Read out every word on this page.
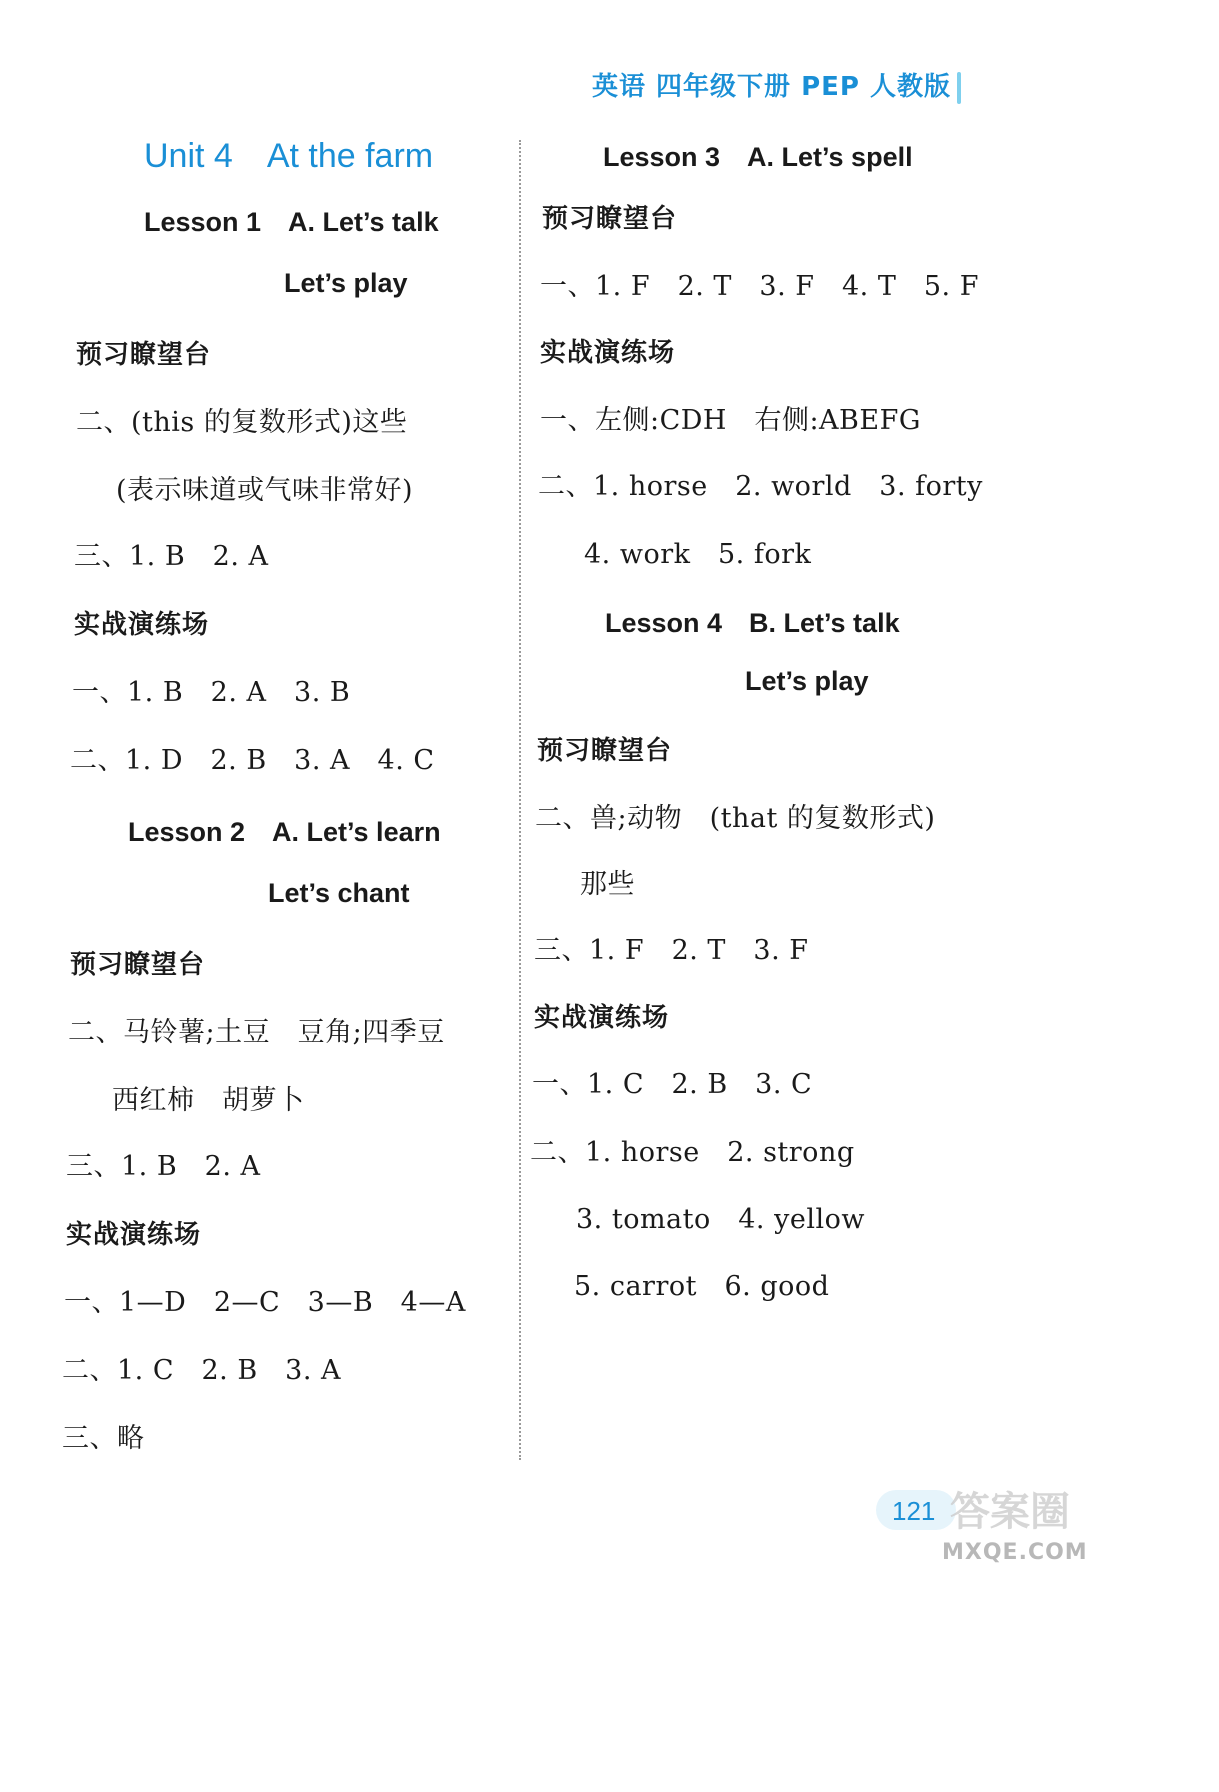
英语 四年级下册 PEP 人教版
Unit 4　At the farm
Lesson 1　A. Let’s talk
Let’s play
预习瞭望台
二、(this 的复数形式)这些
(表示味道或气味非常好)
三、1. B　2. A
实战演练场
一、1. B　2. A　3. B
二、1. D　2. B　3. A　4. C
Lesson 2　A. Let’s learn
Let’s chant
预习瞭望台
二、马铃薯;土豆　豆角;四季豆
西红柿　胡萝卜
三、1. B　2. A
实战演练场
一、1—D　2—C　3—B　4—A
二、1. C　2. B　3. A
三、略
Lesson 3　A. Let’s spell
预习瞭望台
一、1. F　2. T　3. F　4. T　5. F
实战演练场
一、左侧:CDH　右侧:ABEFG
二、1. horse　2. world　3. forty
4. work　5. fork
Lesson 4　B. Let’s talk
Let’s play
预习瞭望台
二、兽;动物　(that 的复数形式)
那些
三、1. F　2. T　3. F
实战演练场
一、1. C　2. B　3. C
二、1. horse　2. strong
3. tomato　4. yellow
5. carrot　6. good
121 答案圈
MXQE.COM
